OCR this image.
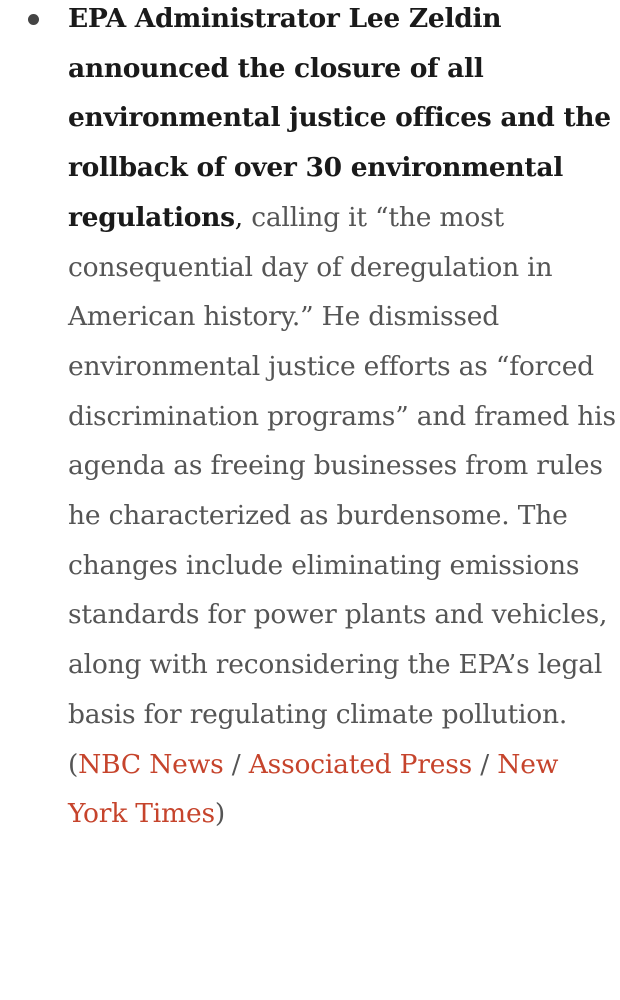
EPA Administrator Lee Zeldin announced the closure of all environmental justice offices and the rollback of over 30 environmental regulations, calling it “the most consequential day of deregulation in American history.” He dismissed environmental justice efforts as “forced discrimination programs” and framed his agenda as freeing businesses from rules he characterized as burdensome. The changes include eliminating emissions standards for power plants and vehicles, along with reconsidering the EPA’s legal basis for regulating climate pollution. (NBC News / Associated Press / New York Times)
